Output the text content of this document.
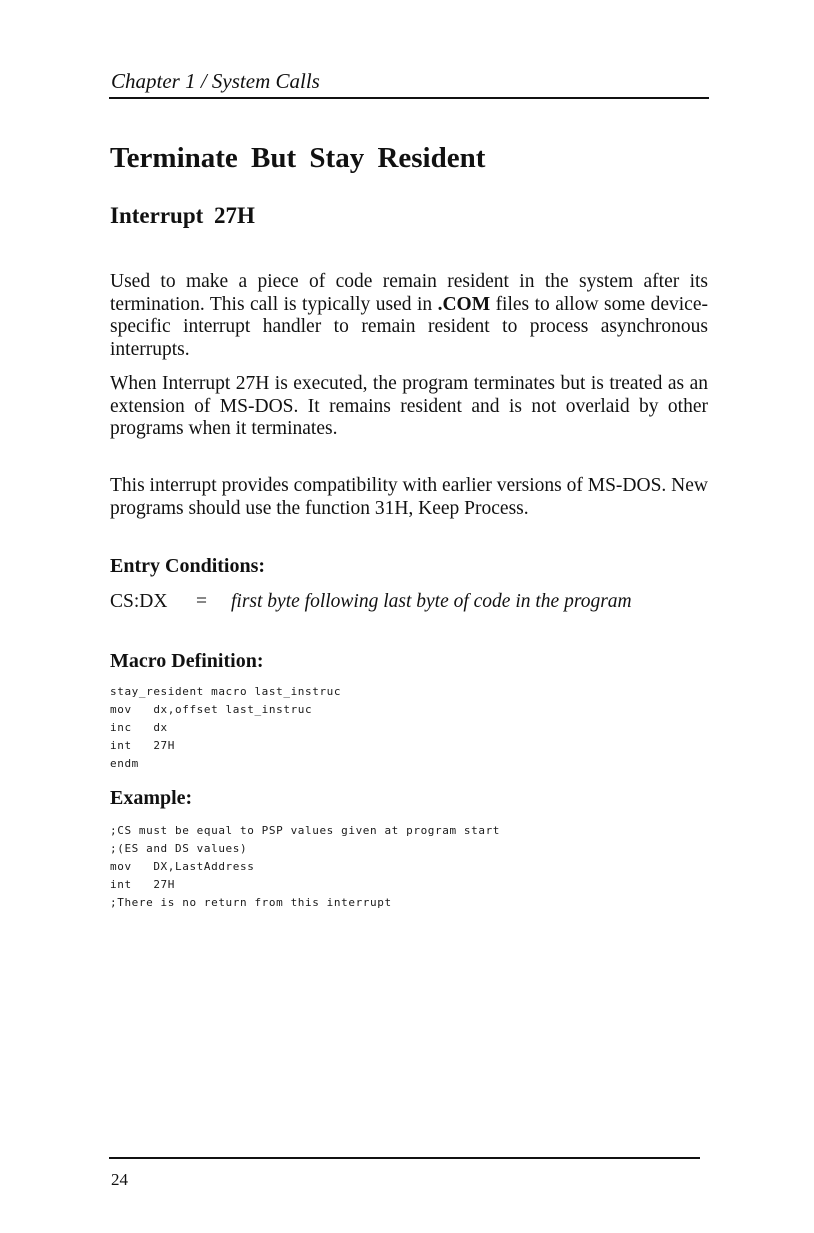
Chapter 1 / System Calls
Terminate But Stay Resident
Interrupt 27H

Used to make a piece of code remain resident in the system after its termination. This call is typically used in .COM files to allow some device-specific interrupt handler to remain resident to process asynchronous interrupts.

When Interrupt 27H is executed, the program terminates but is treated as an extension of MS-DOS. It remains resident and is not overlaid by other programs when it terminates.

This interrupt provides compatibility with earlier versions of MS-DOS. New programs should use the function 31H, Keep Process.

Entry Conditions:
CS:DX = first byte following last byte of code in the program
Macro Definition:
stay_resident macro last_instruc
mov   dx,offset last_instruc
inc   dx
int   27H
endm
Example:
;CS must be equal to PSP values given at program start
;(ES and DS values)
mov   DX,LastAddress
int   27H
;There is no return from this interrupt
24
